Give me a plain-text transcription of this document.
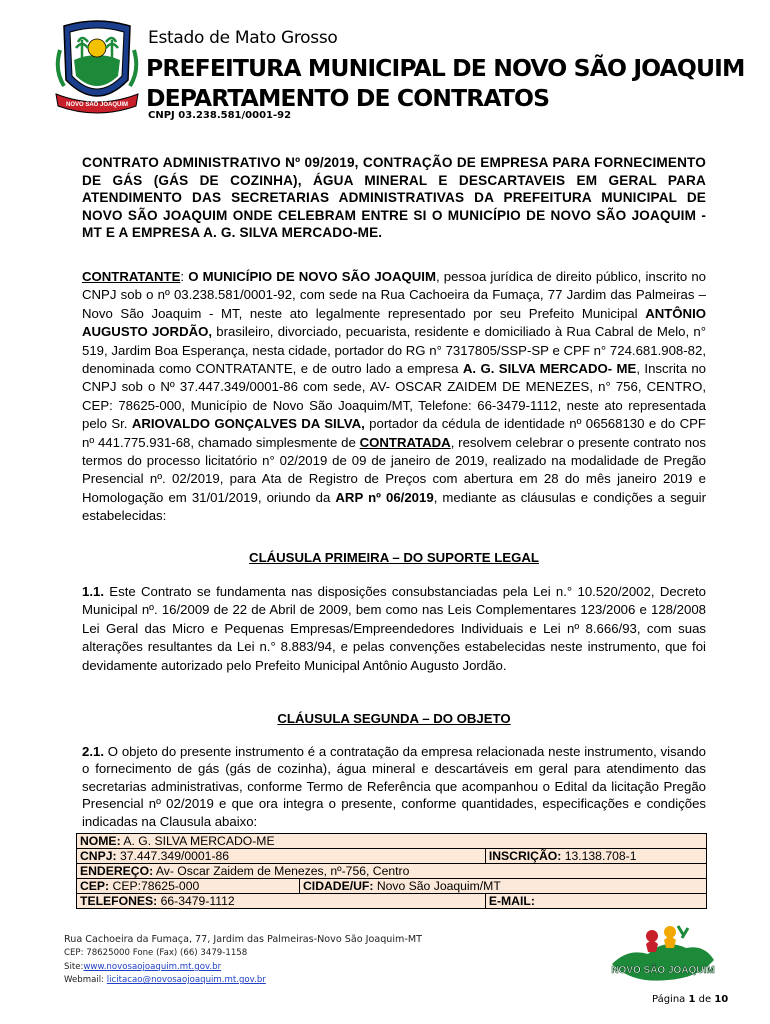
NOVO SÃO JOAQUIM
Estado de Mato Grosso
PREFEITURA MUNICIPAL DE NOVO SÃO JOAQUIM
DEPARTAMENTO DE CONTRATOS
CNPJ 03.238.581/0001-92
CONTRATO ADMINISTRATIVO Nº 09/2019, CONTRAÇÃO DE EMPRESA PARA FORNECIMENTO DE GÁS (GÁS DE COZINHA), ÁGUA MINERAL E DESCARTAVEIS EM GERAL PARA ATENDIMENTO DAS SECRETARIAS ADMINISTRATIVAS DA PREFEITURA MUNICIPAL DE NOVO SÃO JOAQUIM ONDE CELEBRAM ENTRE SI O MUNICÍPIO DE NOVO SÃO JOAQUIM - MT E A EMPRESA A. G. SILVA MERCADO-ME.
CONTRATANTE: O MUNICÍPIO DE NOVO SÃO JOAQUIM, pessoa jurídica de direito público, inscrito no CNPJ sob o nº 03.238.581/0001-92, com sede na Rua Cachoeira da Fumaça, 77 Jardim das Palmeiras – Novo São Joaquim - MT, neste ato legalmente representado por seu Prefeito Municipal ANTÔNIO AUGUSTO JORDÃO, brasileiro, divorciado, pecuarista, residente e domiciliado à Rua Cabral de Melo, n° 519, Jardim Boa Esperança, nesta cidade, portador do RG n° 7317805/SSP-SP e CPF n° 724.681.908-82, denominada como CONTRATANTE, e de outro lado a empresa A. G. SILVA MERCADO- ME, Inscrita no CNPJ sob o Nº 37.447.349/0001-86 com sede, AV- OSCAR ZAIDEM DE MENEZES, n° 756, CENTRO, CEP: 78625-000, Município de Novo São Joaquim/MT, Telefone: 66-3479-1112, neste ato representada pelo Sr. ARIOVALDO GONÇALVES DA SILVA, portador da cédula de identidade nº 06568130 e do CPF nº 441.775.931-68, chamado simplesmente de CONTRATADA, resolvem celebrar o presente contrato nos termos do processo licitatório n° 02/2019 de 09 de janeiro de 2019, realizado na modalidade de Pregão Presencial nº. 02/2019, para Ata de Registro de Preços com abertura em 28 do mês janeiro 2019 e Homologação em 31/01/2019, oriundo da ARP nº 06/2019, mediante as cláusulas e condições a seguir estabelecidas:
CLÁUSULA PRIMEIRA – DO SUPORTE LEGAL
1.1. Este Contrato se fundamenta nas disposições consubstanciadas pela Lei n.° 10.520/2002, Decreto Municipal nº. 16/2009 de 22 de Abril de 2009, bem como nas Leis Complementares 123/2006 e 128/2008 Lei Geral das Micro e Pequenas Empresas/Empreendedores Individuais e Lei nº 8.666/93, com suas alterações resultantes da Lei n.° 8.883/94, e pelas convenções estabelecidas neste instrumento, que foi devidamente autorizado pelo Prefeito Municipal Antônio Augusto Jordão.
CLÁUSULA SEGUNDA – DO OBJETO
2.1. O objeto do presente instrumento é a contratação da empresa relacionada neste instrumento, visando o fornecimento de gás (gás de cozinha), água mineral e descartáveis em geral para atendimento das secretarias administrativas, conforme Termo de Referência que acompanhou o Edital da licitação Pregão Presencial nº 02/2019 e que ora integra o presente, conforme quantidades, especificações e condições indicadas na Clausula abaixo:
NOME: A. G. SILVA MERCADO-ME		
CNPJ: 37.447.349/0001-86		INSCRIÇÃO: 13.138.708-1
ENDEREÇO: Av- Oscar Zaidem de Menezes, nº-756, Centro		
CEP: CEP:78625-000	CIDADE/UF: Novo São Joaquim/MT	
TELEFONES: 66-3479-1112		E-MAIL:
Rua Cachoeira da Fumaça, 77, Jardim das Palmeiras-Novo São Joaquim-MT
CEP: 78625000 Fone (Fax) (66) 3479-1158
Site:www.novosaojoaquim.mt.gov.br
Webmail: licitacao@novosaojoaquim.mt.gov.br
NOVO SÃO JOAQUIM
Página 1 de 10
